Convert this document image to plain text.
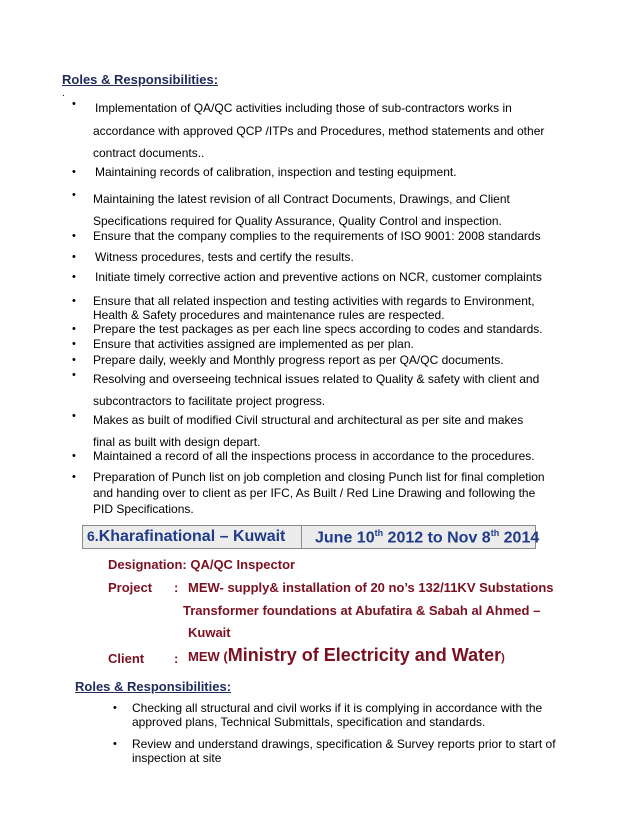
Roles & Responsibilities:
.
• Implementation of QA/QC activities including those of sub-contractors works in
accordance with approved QCP /ITPs and Procedures, method statements and other
contract documents..
• Maintaining records of calibration, inspection and testing equipment.
• Maintaining the latest revision of all Contract Documents, Drawings, and Client
Specifications required for Quality Assurance, Quality Control and inspection.
• Ensure that the company complies to the requirements of ISO 9001: 2008 standards
• Witness procedures, tests and certify the results.
• Initiate timely corrective action and preventive actions on NCR, customer complaints
• Ensure that all related inspection and testing activities with regards to Environment,
Health & Safety procedures and maintenance rules are respected.
• Prepare the test packages as per each line specs according to codes and standards.
• Ensure that activities assigned are implemented as per plan.
• Prepare daily, weekly and Monthly progress report as per QA/QC documents.
• Resolving and overseeing technical issues related to Quality & safety with client and
subcontractors to facilitate project progress.
• Makes as built of modified Civil structural and architectural as per site and makes
final as built with design depart.
• Maintained a record of all the inspections process in accordance to the procedures.
• Preparation of Punch list on job completion and closing Punch list for final completion
and handing over to client as per IFC, As Built / Red Line Drawing and following the
PID Specifications.
6.Kharafinational – Kuwait June 10th 2012 to Nov 8th 2014
Designation: QA/QC Inspector
Project : MEW- supply& installation of 20 no’s 132/11KV Substations
Transformer foundations at Abufatira & Sabah al Ahmed –
Kuwait
Client : MEW (Ministry of Electricity and Water)
Roles & Responsibilities:
• Checking all structural and civil works if it is complying in accordance with the
approved plans, Technical Submittals, specification and standards.
• Review and understand drawings, specification & Survey reports prior to start of
inspection at site
